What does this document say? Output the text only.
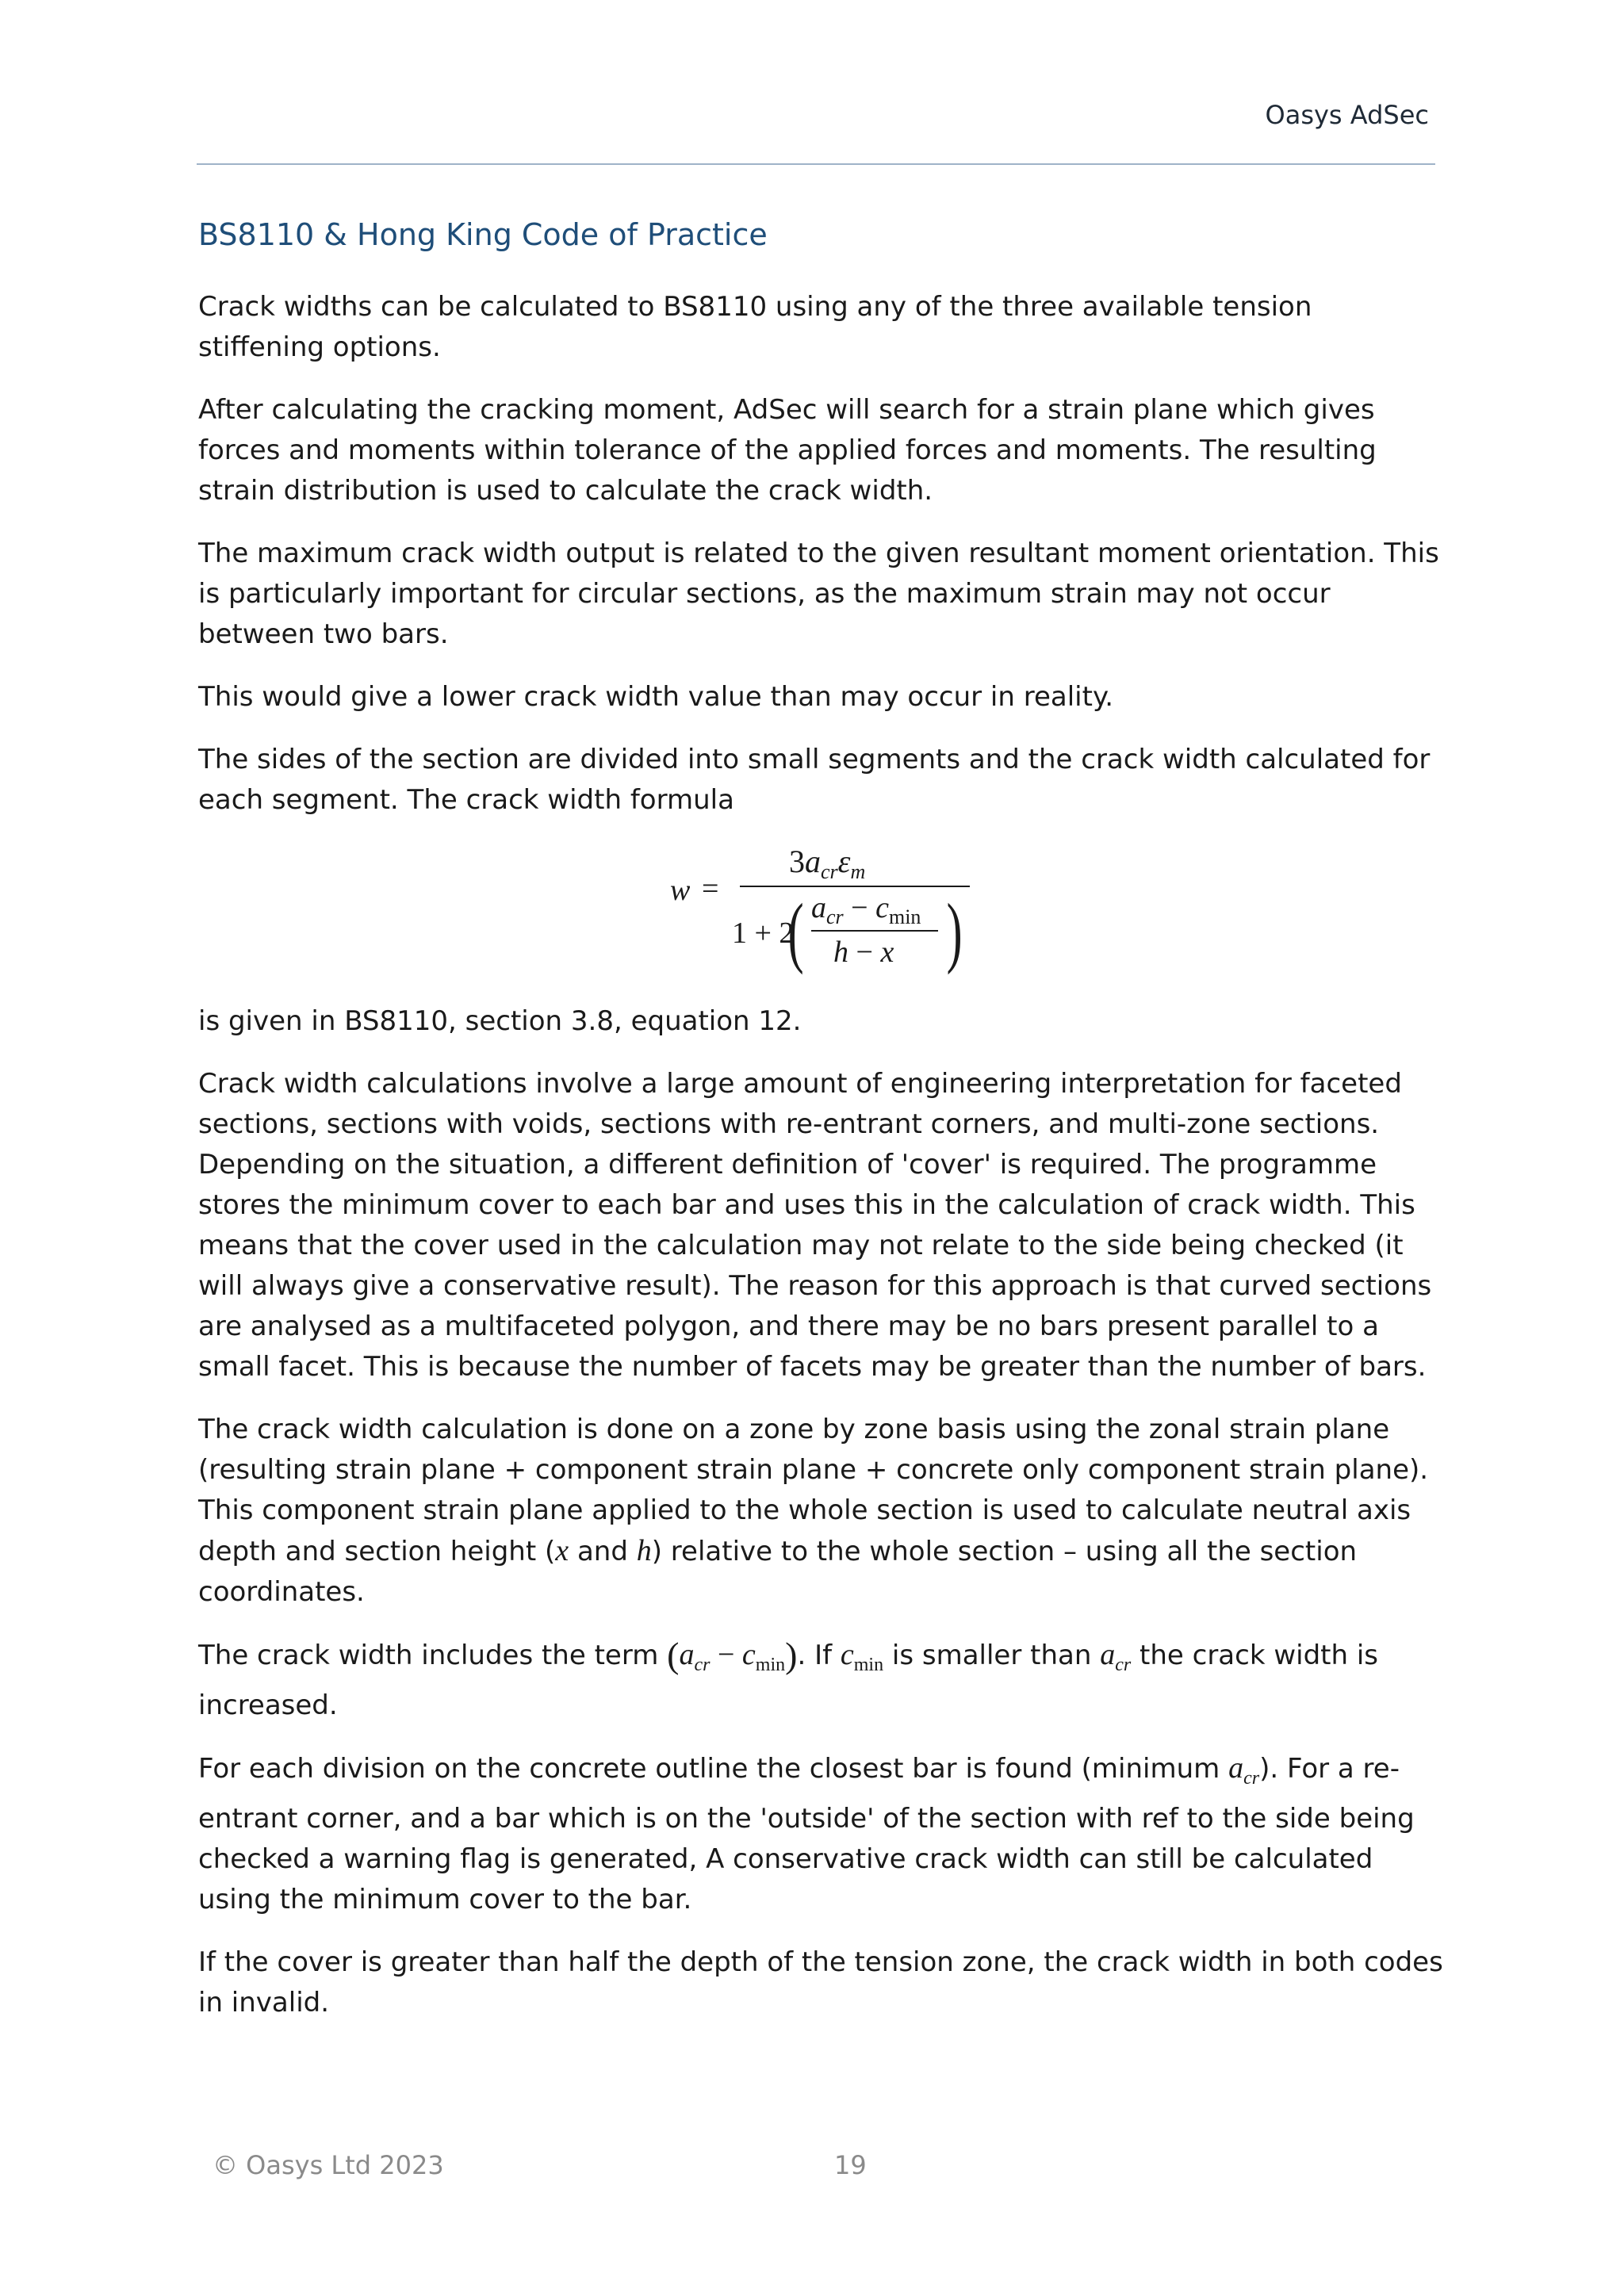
Oasys AdSec
BS8110 & Hong King Code of Practice

Crack widths can be calculated to BS8110 using any of the three available tension stiffening options.

After calculating the cracking moment, AdSec will search for a strain plane which gives forces and moments within tolerance of the applied forces and moments. The resulting strain distribution is used to calculate the crack width.

The maximum crack width output is related to the given resultant moment orientation. This is particularly important for circular sections, as the maximum strain may not occur between two bars.

This would give a lower crack width value than may occur in reality.

The sides of the section are divided into small segments and the crack width calculated for each segment. The crack width formula

w =
$3a_{cr}\varepsilon_m$
1 + 2
( $a_{cr} - c_{min}$
h − x )

is given in BS8110, section 3.8, equation 12.

Crack width calculations involve a large amount of engineering interpretation for faceted sections, sections with voids, sections with re-entrant corners, and multi-zone sections. Depending on the situation, a different definition of 'cover' is required. The programme stores the minimum cover to each bar and uses this in the calculation of crack width. This means that the cover used in the calculation may not relate to the side being checked (it will always give a conservative result). The reason for this approach is that curved sections are analysed as a multifaceted polygon, and there may be no bars present parallel to a small facet. This is because the number of facets may be greater than the number of bars.

The crack width calculation is done on a zone by zone basis using the zonal strain plane (resulting strain plane + component strain plane + concrete only component strain plane). This component strain plane applied to the whole section is used to calculate neutral axis depth and section height (x and h) relative to the whole section – using all the section coordinates.

The crack width includes the term $(a_{cr} - c_{min})$. If $c_{min}$ is smaller than $a_{cr}$ the crack width is increased.

For each division on the concrete outline the closest bar is found (minimum $a_{cr}$). For a re-entrant corner, and a bar which is on the 'outside' of the section with ref to the side being checked a warning flag is generated, A conservative crack width can still be calculated using the minimum cover to the bar.

If the cover is greater than half the depth of the tension zone, the crack width in both codes in invalid.

© Oasys Ltd 2023	19
